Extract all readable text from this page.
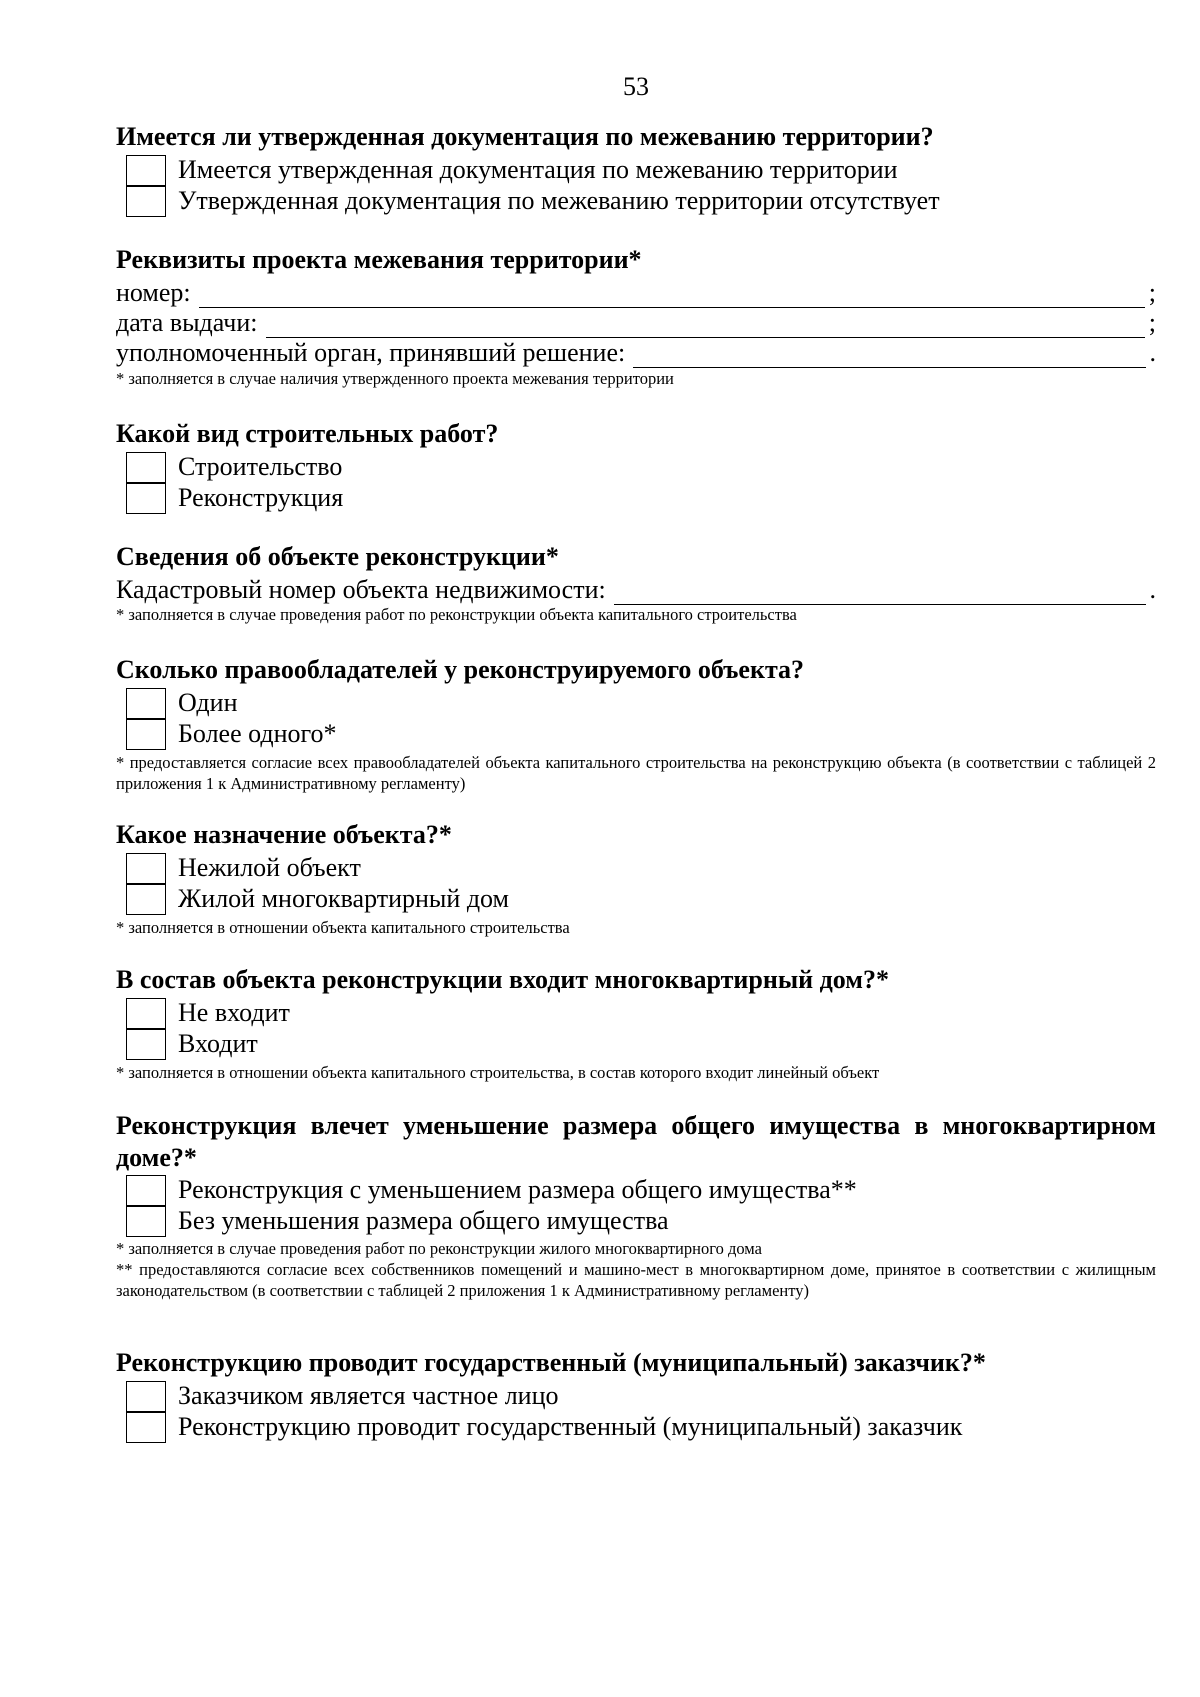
53
Имеется ли утвержденная документация по межеванию территории?
Имеется утвержденная документация по межеванию территории
Утвержденная документация по межеванию территории отсутствует
Реквизиты проекта межевания территории*
номер:	;
дата выдачи:	;
уполномоченный орган, принявший решение:	.
* заполняется в случае наличия утвержденного проекта межевания территории
Какой вид строительных работ?
Строительство
Реконструкция
Сведения об объекте реконструкции*
Кадастровый номер объекта недвижимости:	.
* заполняется в случае проведения работ по реконструкции объекта капитального строительства
Сколько правообладателей у реконструируемого объекта?
Один
Более одного*
* предоставляется согласие всех правообладателей объекта капитального строительства на реконструкцию объекта (в соответствии с таблицей 2 приложения 1 к Административному регламенту)
Какое назначение объекта?*
Нежилой объект
Жилой многоквартирный дом
* заполняется в отношении объекта капитального строительства
В состав объекта реконструкции входит многоквартирный дом?*
Не входит
Входит
* заполняется в отношении объекта капитального строительства, в состав которого входит линейный объект
Реконструкция влечет уменьшение размера общего имущества в многоквартирном доме?*
Реконструкция с уменьшением размера общего имущества**
Без уменьшения размера общего имущества
* заполняется в случае проведения работ по реконструкции жилого многоквартирного дома
** предоставляются согласие всех собственников помещений и машино-мест в многоквартирном доме, принятое в соответствии с жилищным законодательством (в соответствии с таблицей 2 приложения 1 к Административному регламенту)
Реконструкцию проводит государственный (муниципальный) заказчик?*
Заказчиком является частное лицо
Реконструкцию проводит государственный (муниципальный) заказчик
